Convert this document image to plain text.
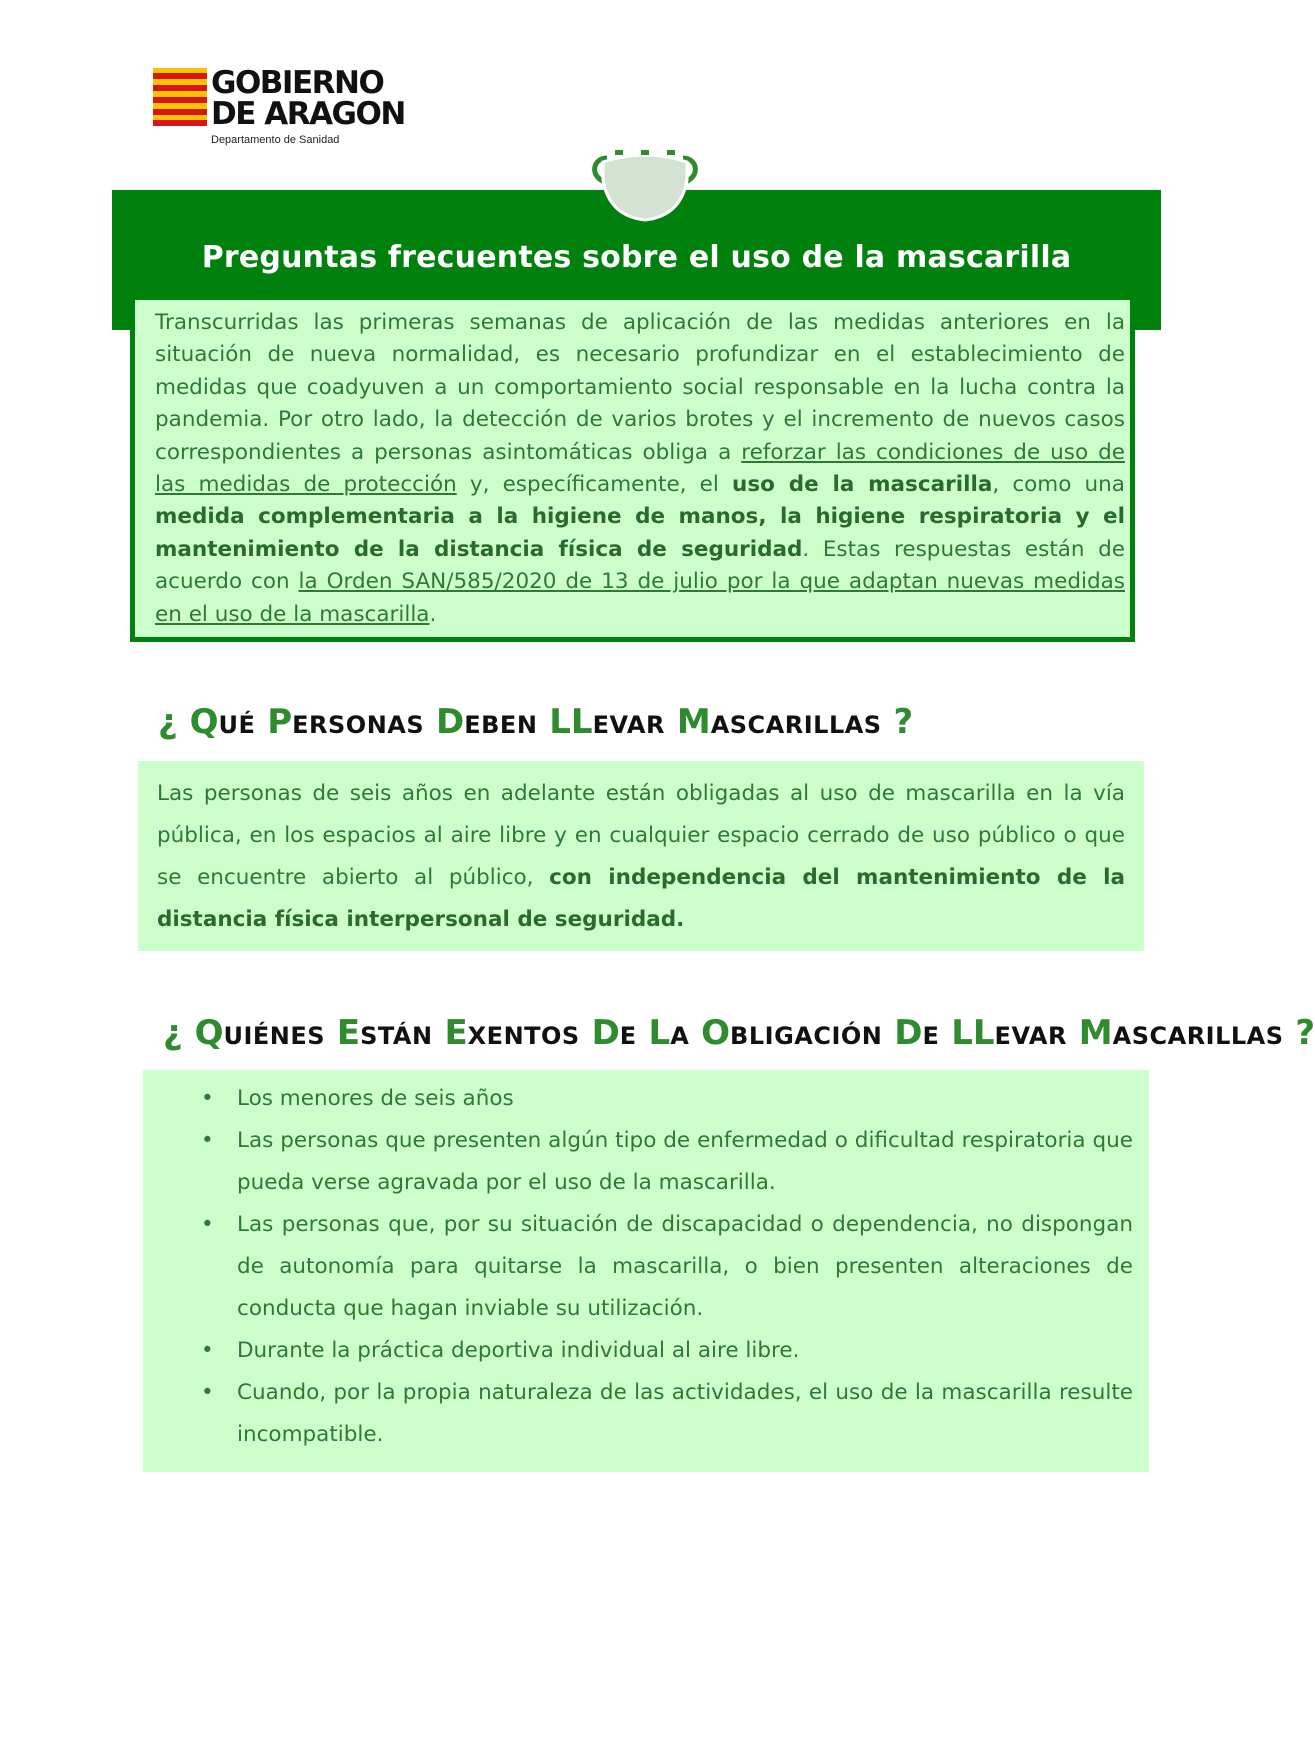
GOBIERNO
DE ARAGON
Departamento de Sanidad
Preguntas frecuentes sobre el uso de la mascarilla
Transcurridas las primeras semanas de aplicación de las medidas anteriores en la situación de nueva normalidad, es necesario profundizar en el establecimiento de medidas que coadyuven a un comportamiento social responsable en la lucha contra la pandemia. Por otro lado, la detección de varios brotes y el incremento de nuevos casos correspondientes a personas asintomáticas obliga a reforzar las condiciones de uso de las medidas de protección y, específicamente, el uso de la mascarilla, como una medida complementaria a la higiene de manos, la higiene respiratoria y el mantenimiento de la distancia física de seguridad. Estas respuestas están de acuerdo con la Orden SAN/585/2020 de 13 de julio por la que adaptan nuevas medidas en el uso de la mascarilla.
¿ QUÉ PERSONAS DEBEN LLEVAR MASCARILLAS ?
Las personas de seis años en adelante están obligadas al uso de mascarilla en la vía pública, en los espacios al aire libre y en cualquier espacio cerrado de uso público o que se encuentre abierto al público, con independencia del mantenimiento de la distancia física interpersonal de seguridad.
¿ QUIÉNES ESTÁN EXENTOS DE LA OBLIGACIÓN DE LLEVAR MASCARILLAS ?
• Los menores de seis años
• Las personas que presenten algún tipo de enfermedad o dificultad respiratoria que pueda verse agravada por el uso de la mascarilla.
• Las personas que, por su situación de discapacidad o dependencia, no dispongan de autonomía para quitarse la mascarilla, o bien presenten alteraciones de conducta que hagan inviable su utilización.
• Durante la práctica deportiva individual al aire libre.
• Cuando, por la propia naturaleza de las actividades, el uso de la mascarilla resulte incompatible.
